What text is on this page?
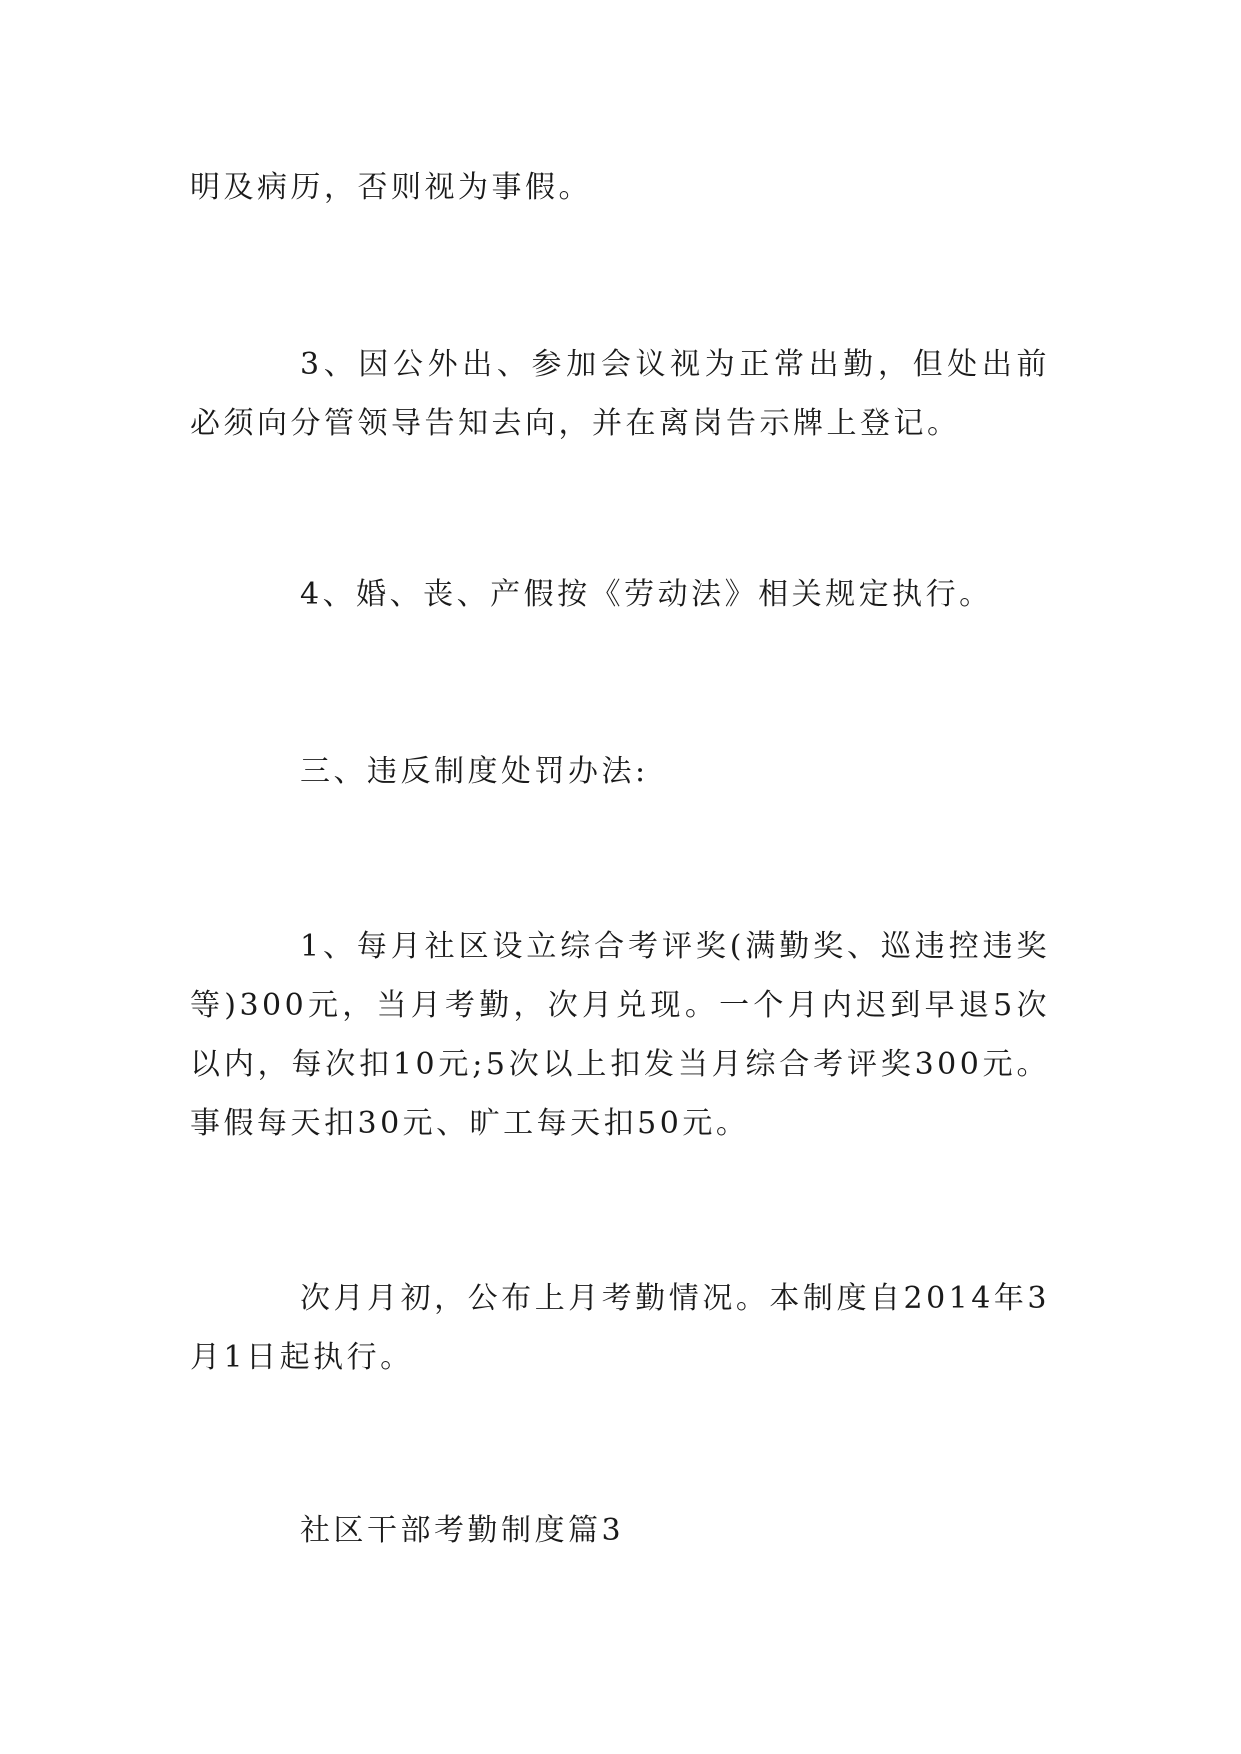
明及病历，否则视为事假。

3、因公外出、参加会议视为正常出勤，但处出前必须向分管领导告知去向，并在离岗告示牌上登记。

4、婚、丧、产假按《劳动法》相关规定执行。

三、违反制度处罚办法:

1、每月社区设立综合考评奖(满勤奖、巡违控违奖等)300元，当月考勤，次月兑现。一个月内迟到早退5次以内，每次扣10元;5次以上扣发当月综合考评奖300元。事假每天扣30元、旷工每天扣50元。

次月月初，公布上月考勤情况。本制度自2014年3月1日起执行。

社区干部考勤制度篇3
